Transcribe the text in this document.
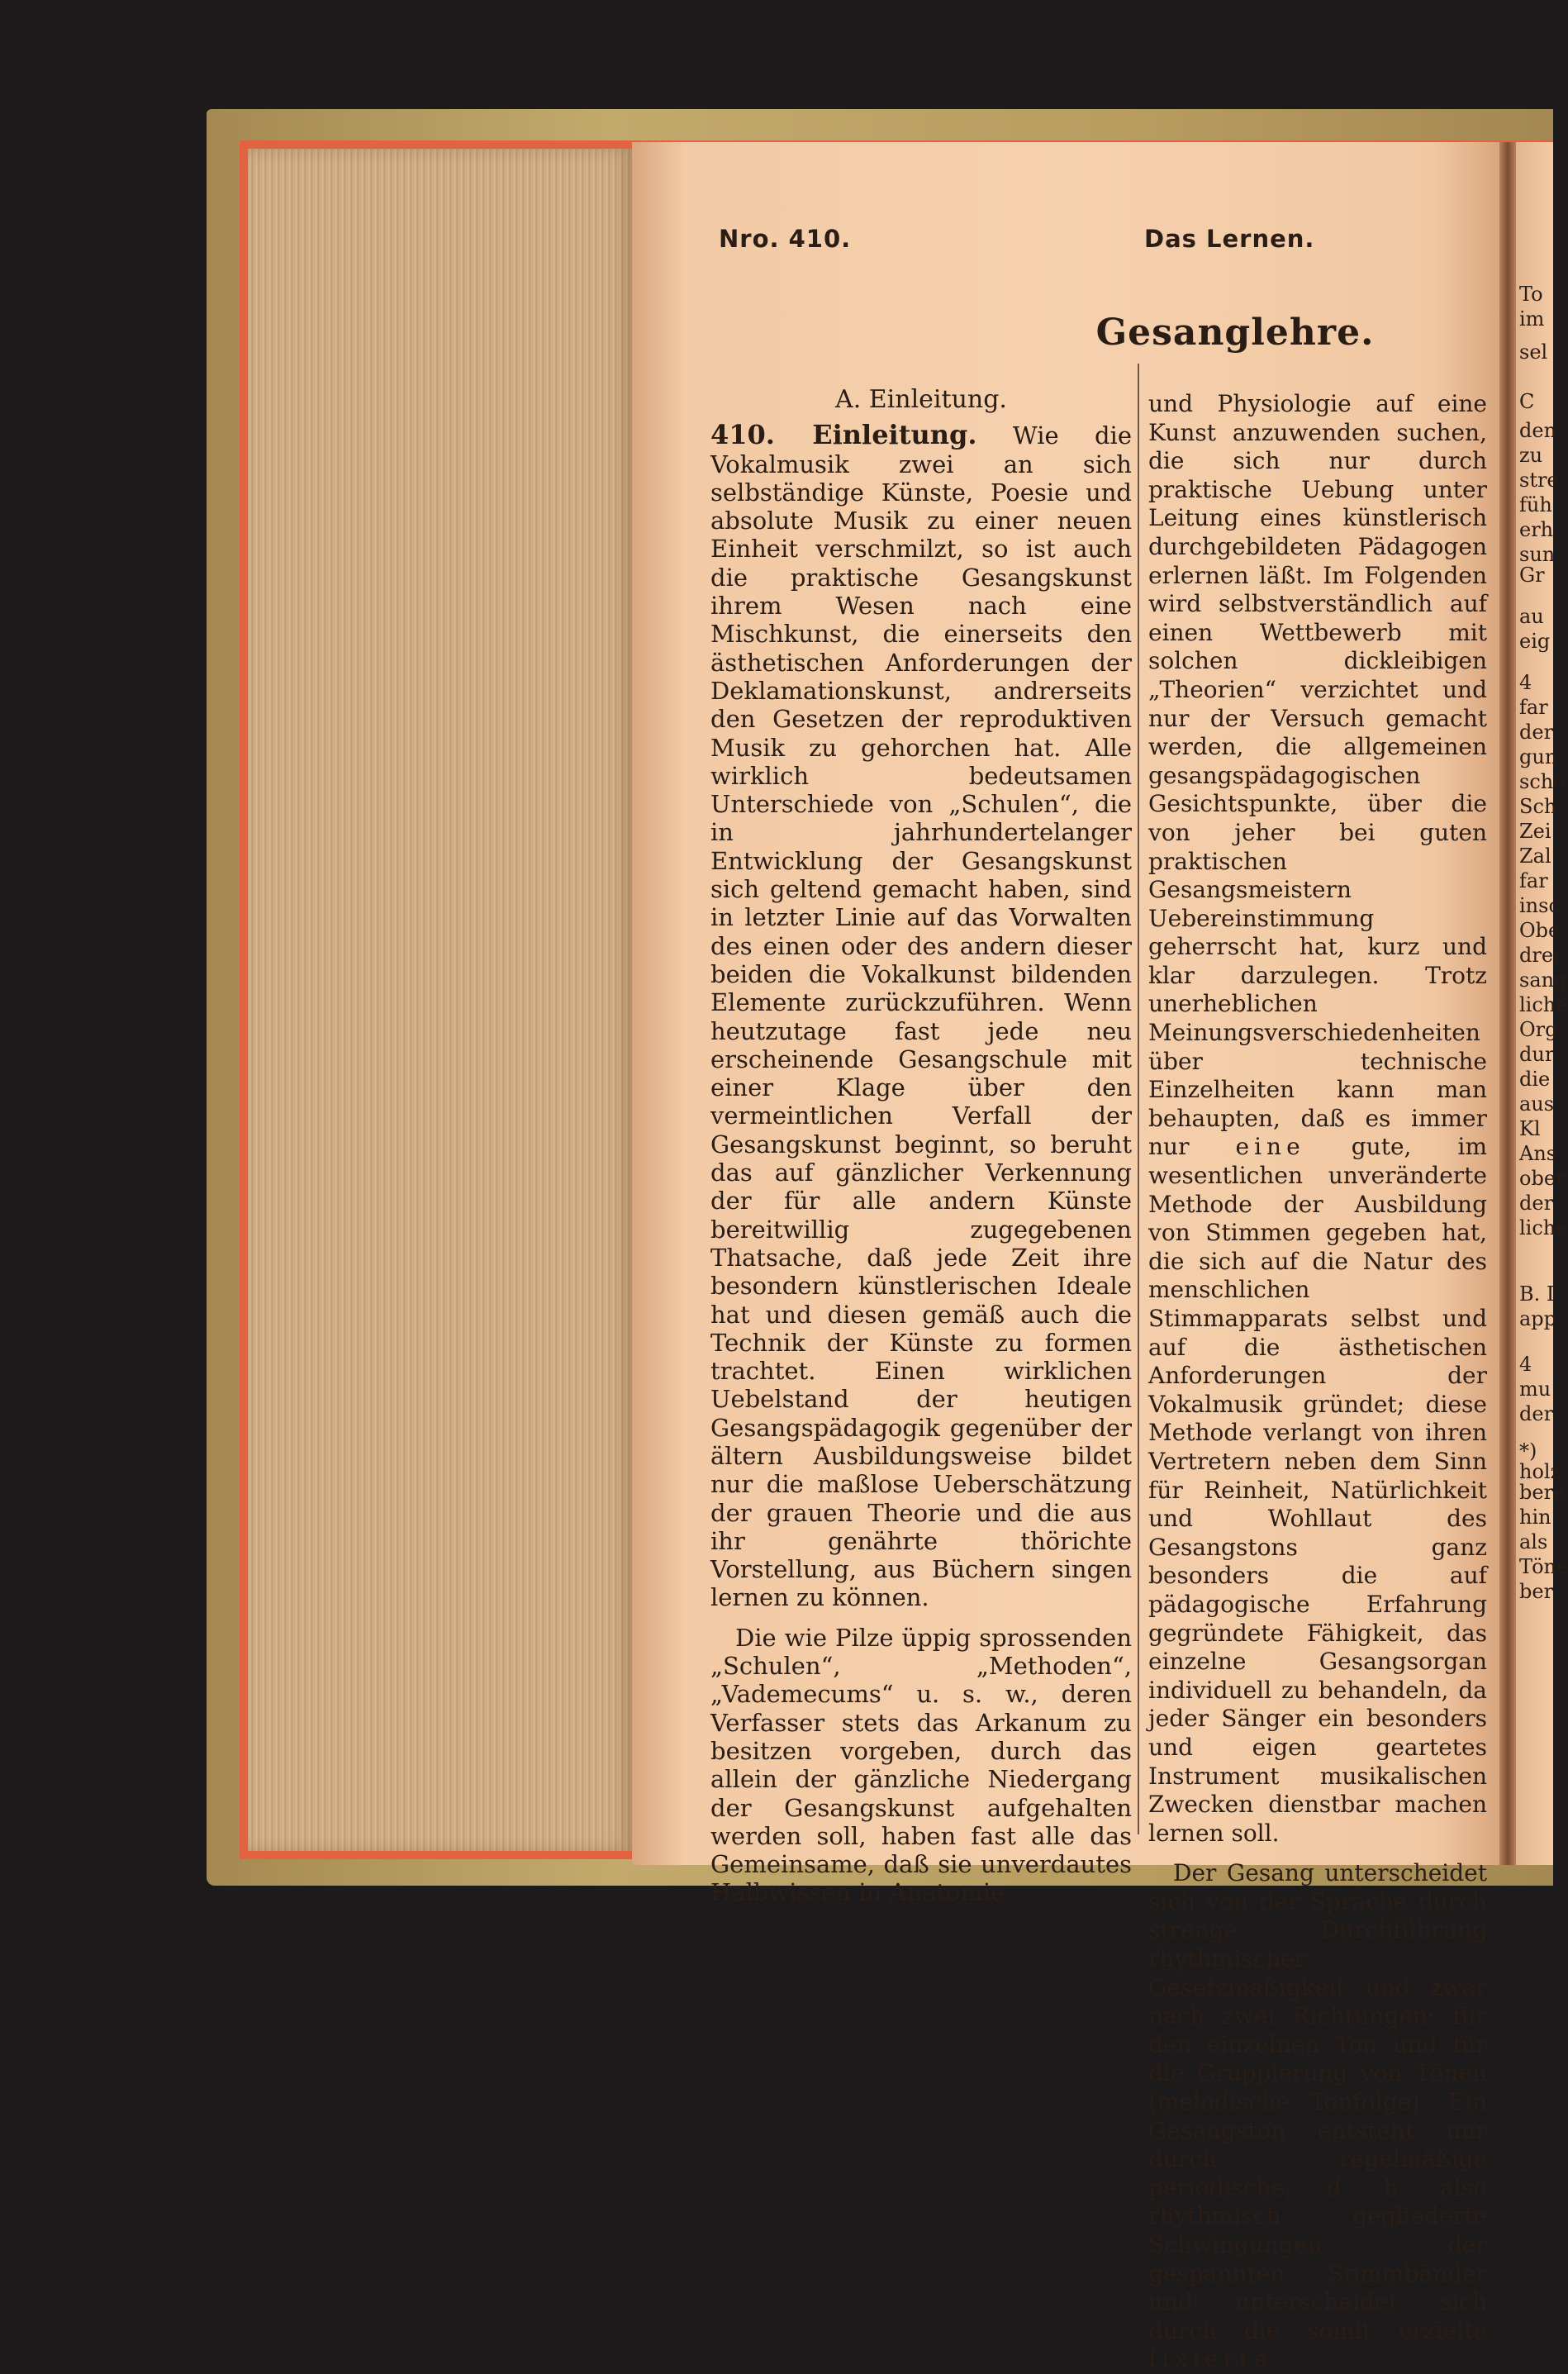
Nro. 410.	Das Lernen.
Gesanglehre.
A. Einleitung.

410. Einleitung. Wie die Vokalmusik zwei an sich selbständige Künste, Poesie und absolute Musik zu einer neuen Einheit verschmilzt, so ist auch die praktische Gesangskunst ihrem Wesen nach eine Mischkunst, die einerseits den ästhetischen Anforderungen der Deklamationskunst, andrerseits den Gesetzen der reproduktiven Musik zu gehorchen hat. Alle wirklich bedeutsamen Unterschiede von „Schulen“, die in jahrhundertelanger Entwicklung der Gesangskunst sich geltend gemacht haben, sind in letzter Linie auf das Vorwalten des einen oder des andern dieser beiden die Vokalkunst bildenden Elemente zurückzuführen. Wenn heutzutage fast jede neu erscheinende Gesangschule mit einer Klage über den vermeintlichen Verfall der Gesangskunst beginnt, so beruht das auf gänzlicher Verkennung der für alle andern Künste bereitwillig zugegebenen Thatsache, daß jede Zeit ihre besondern künstlerischen Ideale hat und diesen gemäß auch die Technik der Künste zu formen trachtet. Einen wirklichen Uebelstand der heutigen Gesangspädagogik gegenüber der ältern Ausbildungsweise bildet nur die maßlose Ueberschätzung der grauen Theorie und die aus ihr genährte thörichte Vorstellung, aus Büchern singen lernen zu können.

Die wie Pilze üppig sprossenden „Schulen“, „Methoden“, „Vademecums“ u. s. w., deren Verfasser stets das Arkanum zu besitzen vorgeben, durch das allein der gänzliche Niedergang der Gesangskunst aufgehalten werden soll, haben fast alle das Gemeinsame, daß sie unverdautes Halbwissen in Anatomie

und Physiologie auf eine Kunst anzuwenden suchen, die sich nur durch praktische Uebung unter Leitung eines künstlerisch durchgebildeten Pädagogen erlernen läßt. Im Folgenden wird selbstverständlich auf einen Wettbewerb mit solchen dickleibigen „Theorien“ verzichtet und nur der Versuch gemacht werden, die allgemeinen gesangspädagogischen Gesichtspunkte, über die von jeher bei guten praktischen Gesangsmeistern Uebereinstimmung geherrscht hat, kurz und klar darzulegen. Trotz unerheblichen Meinungsverschiedenheiten über technische Einzelheiten kann man behaupten, daß es immer nur eine gute, im wesentlichen unveränderte Methode der Ausbildung von Stimmen gegeben hat, die sich auf die Natur des menschlichen Stimmapparats selbst und auf die ästhetischen Anforderungen der Vokalmusik gründet; diese Methode verlangt von ihren Vertretern neben dem Sinn für Reinheit, Natürlichkeit und Wohllaut des Gesangstons ganz besonders die auf pädagogische Erfahrung gegründete Fähigkeit, das einzelne Gesangsorgan individuell zu behandeln, da jeder Sänger ein besonders und eigen geartetes Instrument musikalischen Zwecken dienstbar machen lernen soll.

Der Gesang unterscheidet sich von der Sprache durch strenge Durchführung rhythmischer Gesetzmäßigkeit und zwar nach zwei Richtungen: für den einzelnen Ton und für die Gruppierung von Tönen (melodische Tonfolge). Ein Gesangston entsteht nur durch regelmäßige periodische, d. h. also rhythmisch gegliederte Schwingungen der gespannten Stimmbänder und unterscheidet sich durch die somit erzielte fixierte

To
im
sel
C
den
zu
stre
füh
erh
sun
Gr
au
eig
4
far
der
gun
sche
Sch
Zei
Zal
far
insc
Obe
drei
sang
liche
Org
dur
die
aus
Kl
Ans
ober
der
liche
B. I
app
4
mu
der
*)
holz
bere
hin
als
Töne
ber
